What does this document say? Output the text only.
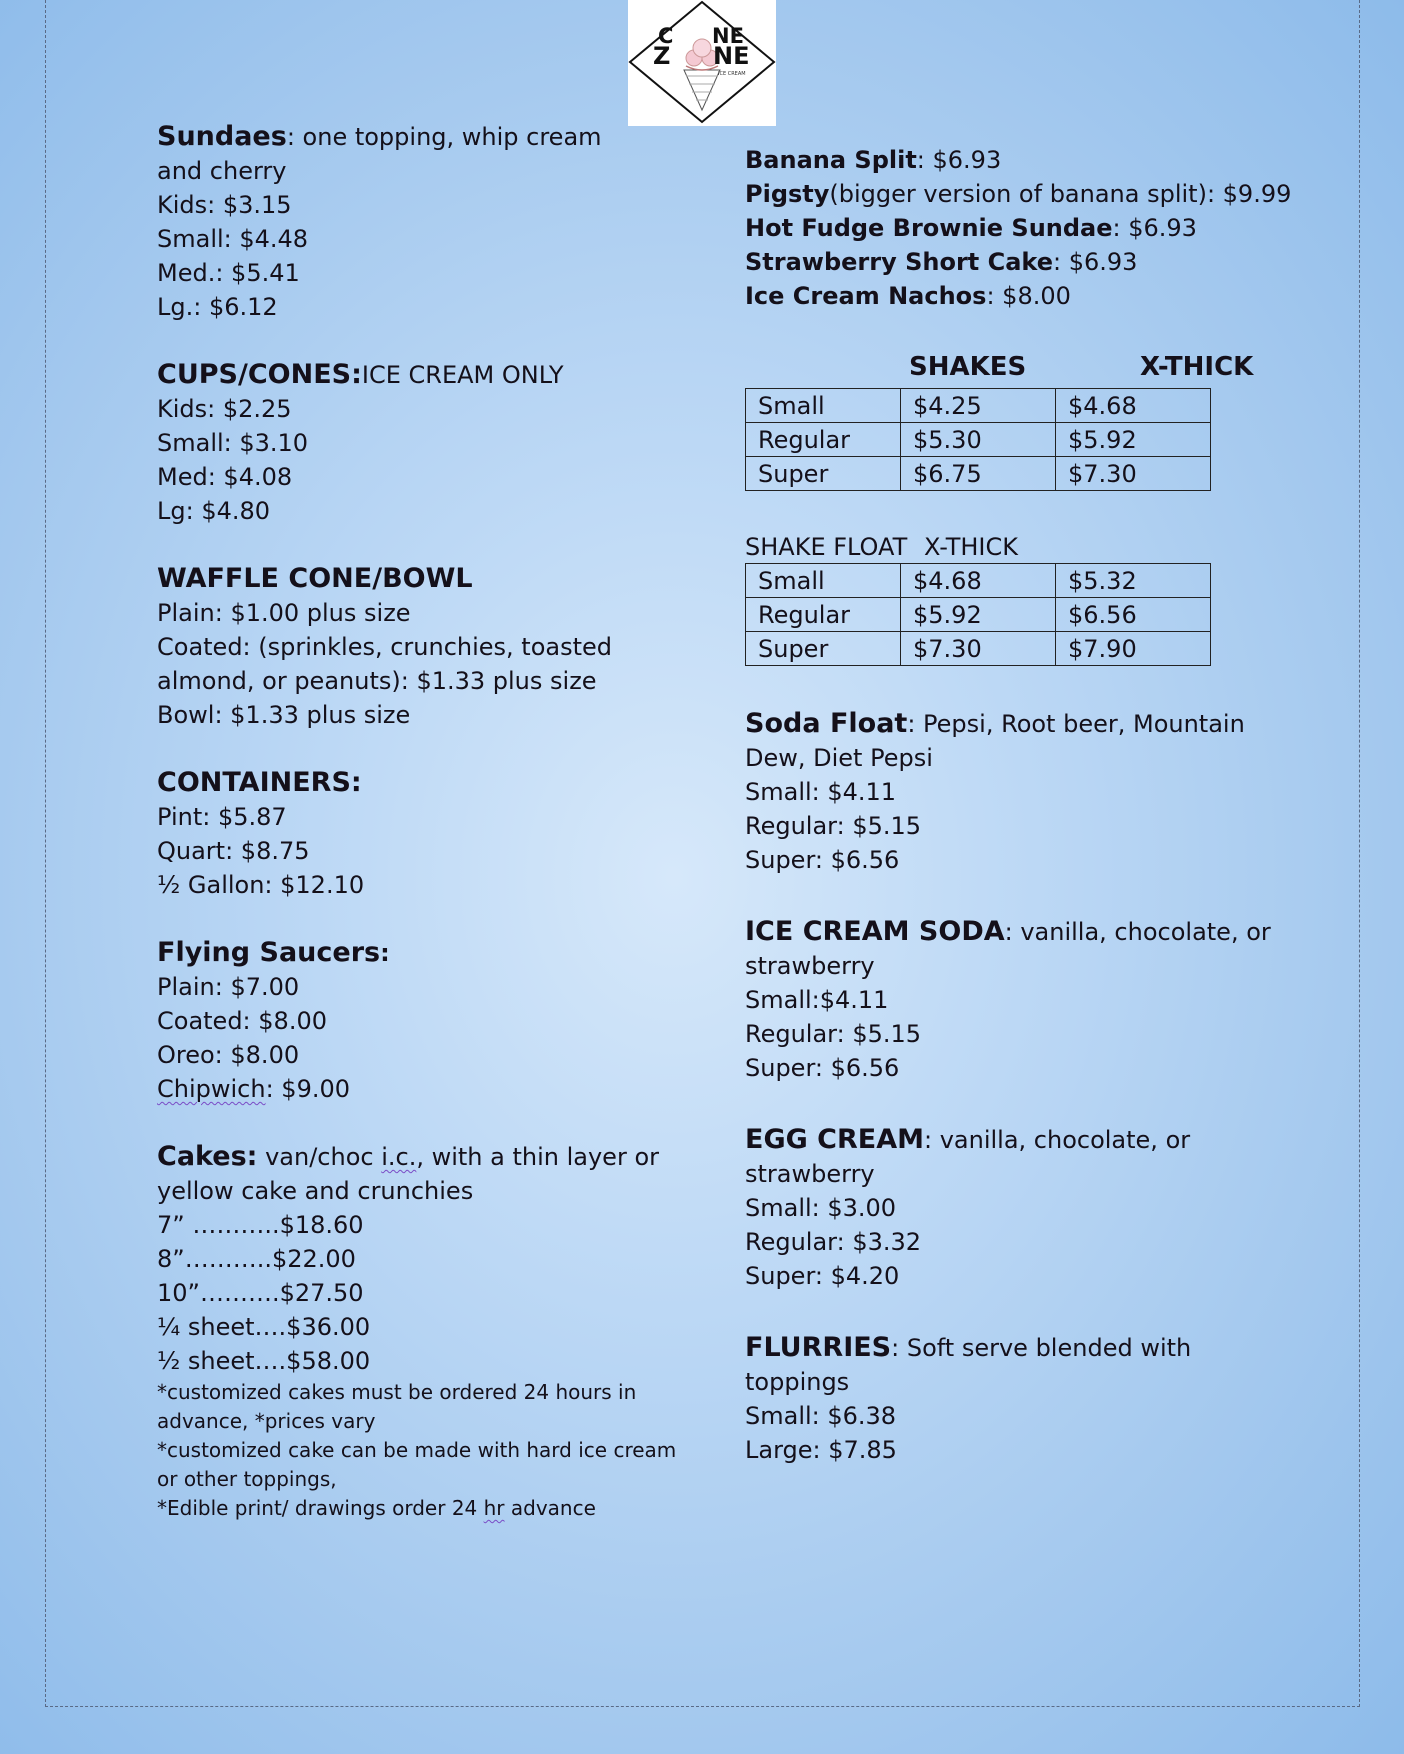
C NE
Z NE
ICE CREAM
Sundaes: one topping, whip cream
and cherry
Kids: $3.15
Small: $4.48
Med.: $5.41
Lg.: $6.12
CUPS/CONES:ICE CREAM ONLY
Kids: $2.25
Small: $3.10
Med: $4.08
Lg: $4.80
WAFFLE CONE/BOWL
Plain: $1.00 plus size
Coated: (sprinkles, crunchies, toasted
almond, or peanuts): $1.33 plus size
Bowl: $1.33 plus size
CONTAINERS:
Pint: $5.87
Quart: $8.75
½ Gallon: $12.10
Flying Saucers:
Plain: $7.00
Coated: $8.00
Oreo: $8.00
Chipwich: $9.00
Cakes: van/choc i.c., with a thin layer or
yellow cake and crunchies
7” ………..$18.60
8”………..$22.00
10”……….$27.50
¼ sheet….$36.00
½ sheet….$58.00
*customized cakes must be ordered 24 hours in
advance, *prices vary
*customized cake can be made with hard ice cream
or other toppings,
*Edible print/ drawings order 24 hr advance
Banana Split: $6.93
Pigsty(bigger version of banana split): $9.99
Hot Fudge Brownie Sundae: $6.93
Strawberry Short Cake: $6.93
Ice Cream Nachos: $8.00
SHAKES	X-THICK
Small	$4.25	$4.68
Regular	$5.30	$5.92
Super	$6.75	$7.30
SHAKE FLOAT X-THICK
Small	$4.68	$5.32
Regular	$5.92	$6.56
Super	$7.30	$7.90
Soda Float: Pepsi, Root beer, Mountain
Dew, Diet Pepsi
Small: $4.11
Regular: $5.15
Super: $6.56
ICE CREAM SODA: vanilla, chocolate, or
strawberry
Small:$4.11
Regular: $5.15
Super: $6.56
EGG CREAM: vanilla, chocolate, or
strawberry
Small: $3.00
Regular: $3.32
Super: $4.20
FLURRIES: Soft serve blended with
toppings
Small: $6.38
Large: $7.85
